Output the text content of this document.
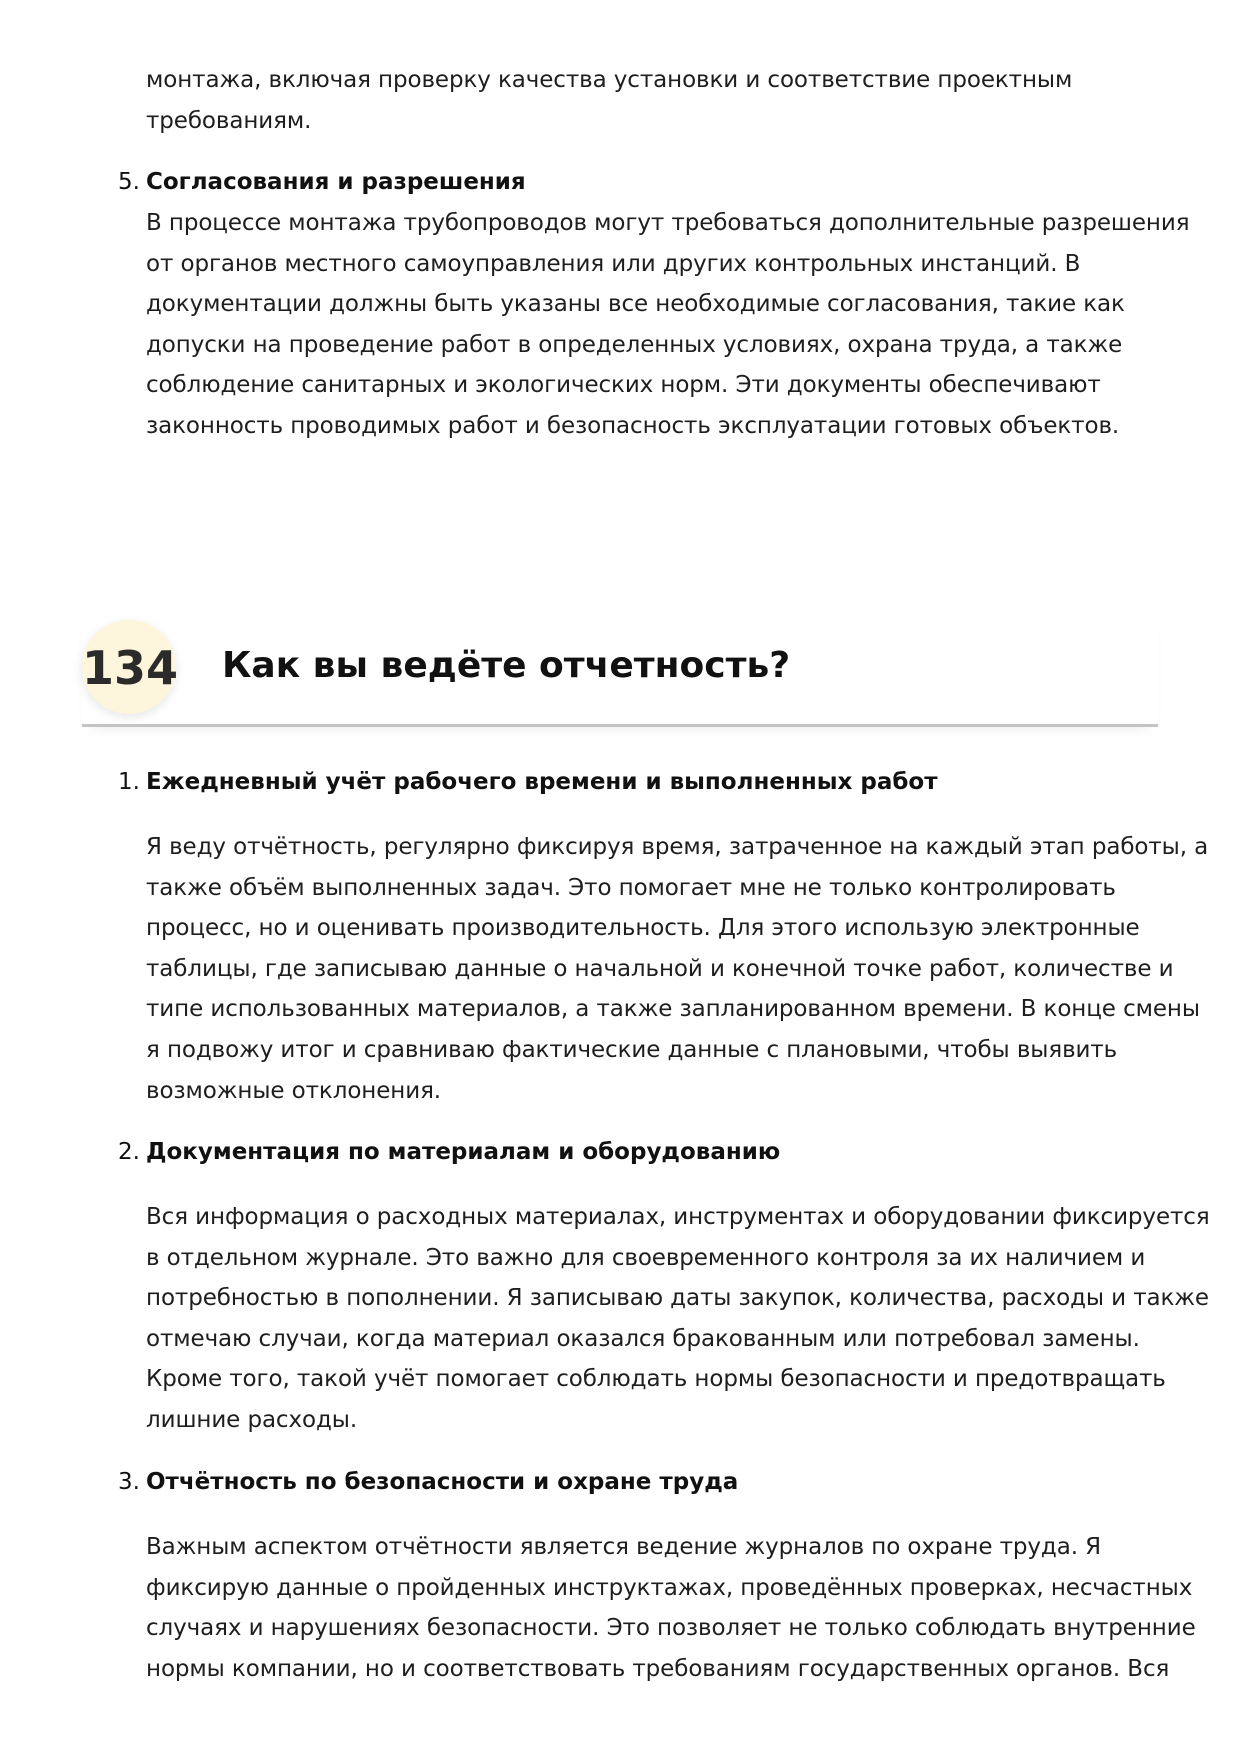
монтажа, включая проверку качества установки и соответствие проектным
требованиям.
5. Согласования и разрешения
В процессе монтажа трубопроводов могут требоваться дополнительные разрешения
от органов местного самоуправления или других контрольных инстанций. В
документации должны быть указаны все необходимые согласования, такие как
допуски на проведение работ в определенных условиях, охрана труда, а также
соблюдение санитарных и экологических норм. Эти документы обеспечивают
законность проводимых работ и безопасность эксплуатации готовых объектов.
134 Как вы ведёте отчетность?
1. Ежедневный учёт рабочего времени и выполненных работ
Я веду отчётность, регулярно фиксируя время, затраченное на каждый этап работы, а
также объём выполненных задач. Это помогает мне не только контролировать
процесс, но и оценивать производительность. Для этого использую электронные
таблицы, где записываю данные о начальной и конечной точке работ, количестве и
типе использованных материалов, а также запланированном времени. В конце смены
я подвожу итог и сравниваю фактические данные с плановыми, чтобы выявить
возможные отклонения.
2. Документация по материалам и оборудованию
Вся информация о расходных материалах, инструментах и оборудовании фиксируется
в отдельном журнале. Это важно для своевременного контроля за их наличием и
потребностью в пополнении. Я записываю даты закупок, количества, расходы и также
отмечаю случаи, когда материал оказался бракованным или потребовал замены.
Кроме того, такой учёт помогает соблюдать нормы безопасности и предотвращать
лишние расходы.
3. Отчётность по безопасности и охране труда
Важным аспектом отчётности является ведение журналов по охране труда. Я
фиксирую данные о пройденных инструктажах, проведённых проверках, несчастных
случаях и нарушениях безопасности. Это позволяет не только соблюдать внутренние
нормы компании, но и соответствовать требованиям государственных органов. Вся
